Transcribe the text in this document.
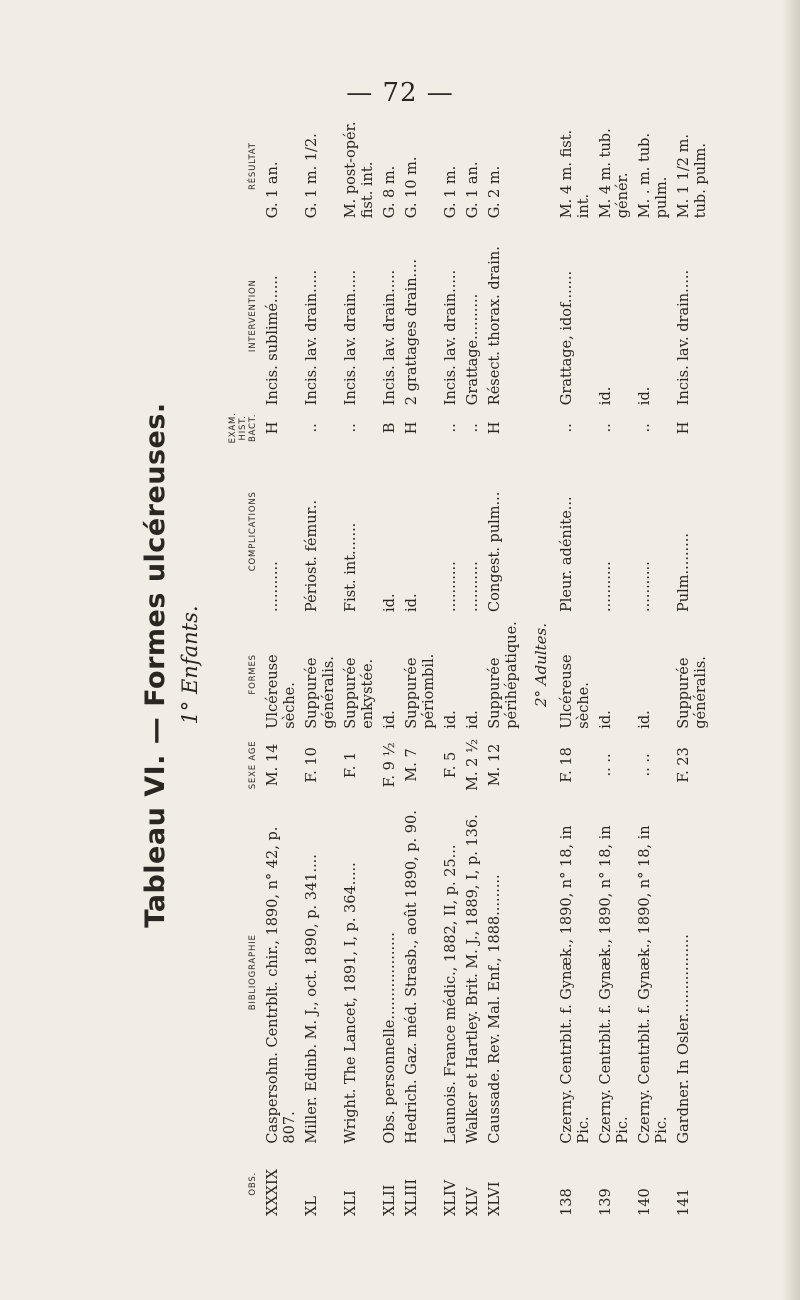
— 72 —
Tableau VI. — Formes ulcéreuses. 1° Enfants.
OBS.	BIBLIOGRAPHIE	SEXE AGE	FORMES	COMPLICATIONS	EXAM. HIST. BACT.	INTERVENTION	RÉSULTAT
XXXIX	Caspersohn. Centrblt. chir., 1890, n° 42, p. 807.	M. 14	Ulcéreuse sèche.	...........	H	Incis. sublimé......	G. 1 an.
XL	Miller. Edinb. M. J., oct. 1890, p. 341....	F. 10	Suppurée généralis.	Périost. fémur..	..	Incis. lav. drain.....	G. 1 m. 1/2.
XLI	Wright. The Lancet, 1891, I, p. 364.....	F. 1	Suppurée enkystée.	Fist. int.......	..	Incis. lav. drain.....	M. post-opér. fist. int.
XLII	Obs. personnelle...................	F. 9 ½	id.	id.	B	Incis. lav. drain.....	G. 8 m.
XLIII	Hedrich. Gaz. méd. Strasb., août 1890, p. 90.	M. 7	Suppurée périombil.	id.	H	2 grattages drain....	G. 10 m.
XLIV	Launois. France médic., 1882, II, p. 25...	F. 5	id.	...........	..	Incis. lav. drain.....	G. 1 m.
XLV	Walker et Hartley. Brit. M. J., 1889, I, p. 136.	M. 2 ½	id.	...........	..	Grattage..........	G. 1 an.
XLVI	Caussade. Rev. Mal. Enf., 1888.........	M. 12	Suppurée périhépatique.	Congest. pulm...	H	Résect. thorax. drain.	G. 2 m.
2° Adultes.							
138	Czerny. Centrblt. f. Gynæk., 1890, n° 18, in Pic.	F. 18	Ulcéreuse sèche.	Pleur. adénite...	..	Grattage, idof.......	M. 4 m. fist. int.
139	Czerny. Centrblt. f. Gynæk., 1890, n° 18, in Pic.	.. ..	id.	...........	..	id.	M. 4 m. tub. génér.
140	Czerny. Centrblt. f. Gynæk., 1890, n° 18, in Pic.	.. ..	id.	...........	..	id.	M. . m. tub. pulm.
141	Gardner. In Osler..................	F. 23	Suppurée généralis.	Pulm.........	H	Incis. lav. drain.....	M. 1 1/2 m. tub. pulm.
